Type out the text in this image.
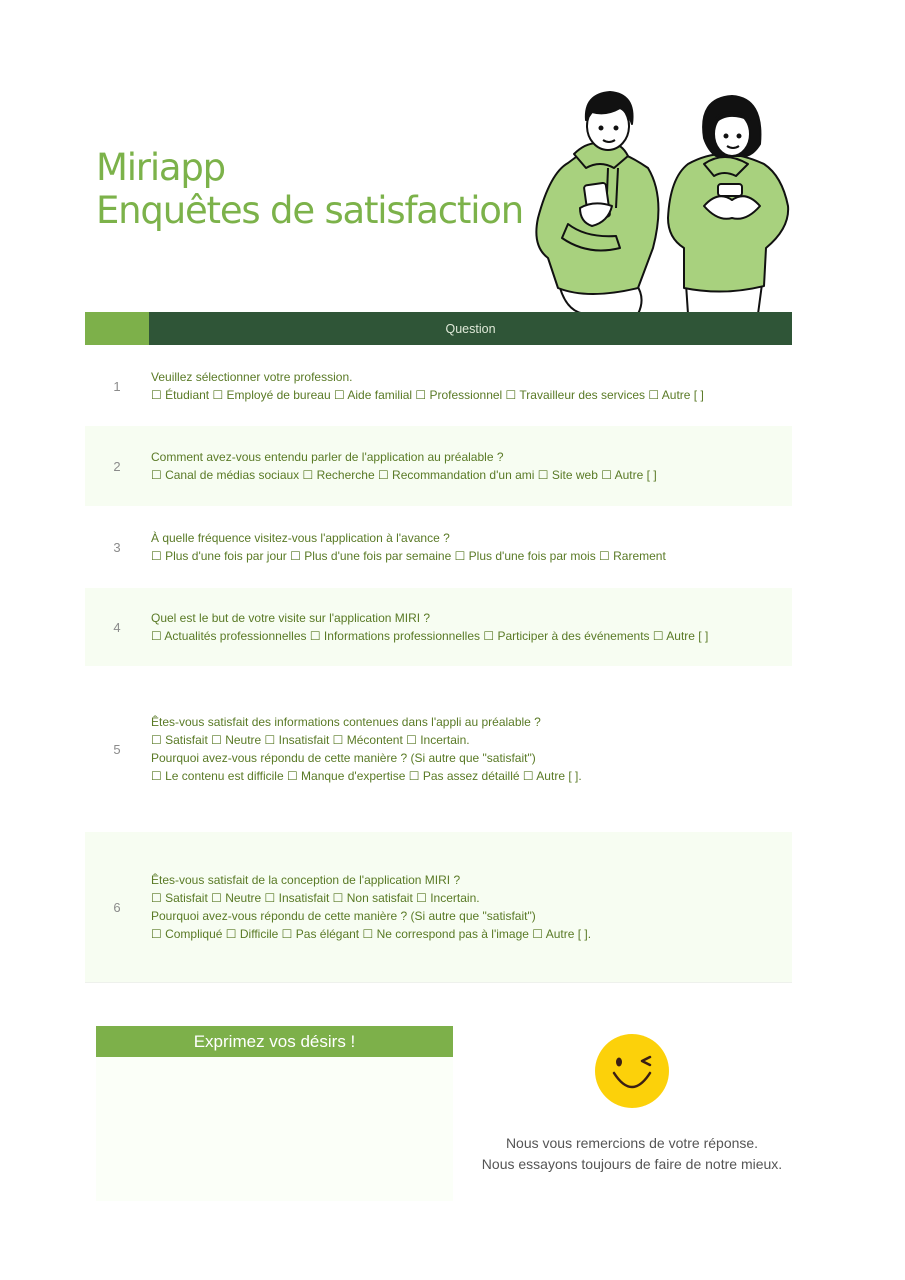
Miriapp
Enquêtes de satisfaction
Question
1
Veuillez sélectionner votre profession.
☐ Étudiant ☐ Employé de bureau ☐ Aide familial ☐ Professionnel ☐ Travailleur des services ☐ Autre [ ]
2
Comment avez-vous entendu parler de l'application au préalable ?
☐ Canal de médias sociaux ☐ Recherche ☐ Recommandation d'un ami ☐ Site web ☐ Autre [ ]
3
À quelle fréquence visitez-vous l'application à l'avance ?
☐ Plus d'une fois par jour ☐ Plus d'une fois par semaine ☐ Plus d'une fois par mois ☐ Rarement
4
Quel est le but de votre visite sur l'application MIRI ?
☐ Actualités professionnelles ☐ Informations professionnelles ☐ Participer à des événements ☐ Autre [ ]
5
Êtes-vous satisfait des informations contenues dans l'appli au préalable ?
☐ Satisfait ☐ Neutre ☐ Insatisfait ☐ Mécontent ☐ Incertain.
Pourquoi avez-vous répondu de cette manière ? (Si autre que "satisfait")
☐ Le contenu est difficile ☐ Manque d'expertise ☐ Pas assez détaillé ☐ Autre [ ].
6
Êtes-vous satisfait de la conception de l'application MIRI ?
☐ Satisfait ☐ Neutre ☐ Insatisfait ☐ Non satisfait ☐ Incertain.
Pourquoi avez-vous répondu de cette manière ? (Si autre que "satisfait")
☐ Compliqué ☐ Difficile ☐ Pas élégant ☐ Ne correspond pas à l'image ☐ Autre [ ].
Exprimez vos désirs !
Nous vous remercions de votre réponse.
Nous essayons toujours de faire de notre mieux.
